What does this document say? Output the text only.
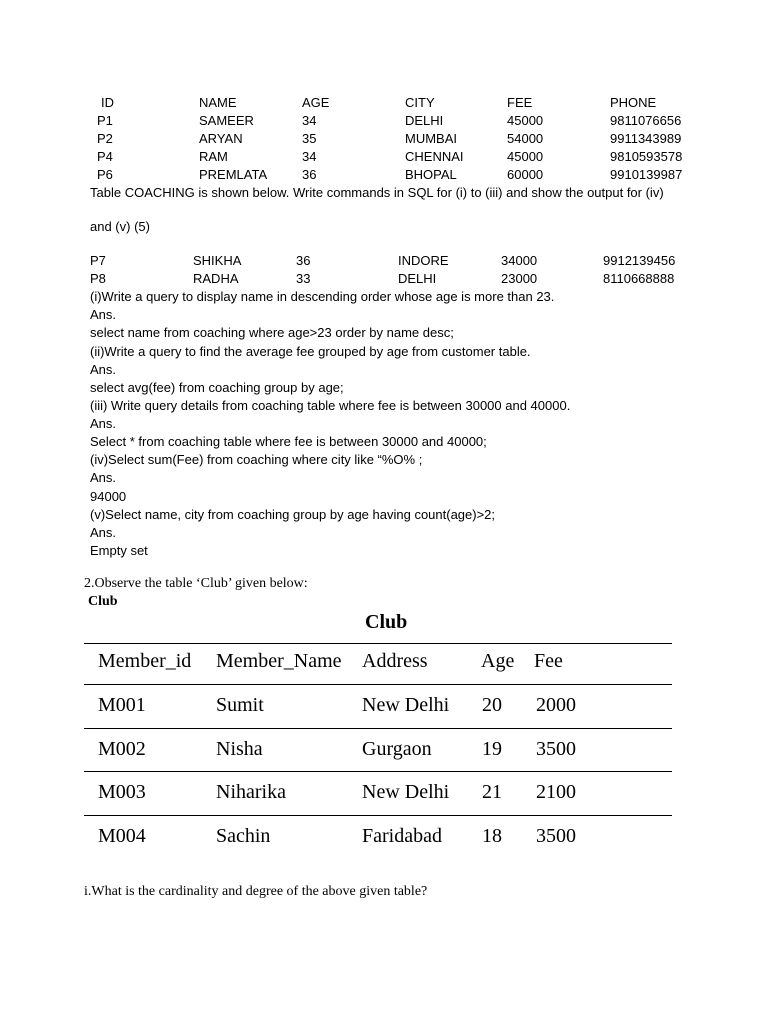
ID	NAME	AGE	CITY	FEE	PHONE
P1	SAMEER	34	DELHI	45000	9811076656
P2	ARYAN	35	MUMBAI	54000	9911343989
P4	RAM	34	CHENNAI	45000	9810593578
P6	PREMLATA	36	BHOPAL	60000	9910139987
Table COACHING is shown below. Write commands in SQL for (i) to (iii) and show the output for (iv)
and (v) (5)
P7	SHIKHA	36	INDORE	34000	9912139456
P8	RADHA	33	DELHI	23000	8110668888
(i)Write a query to display name in descending order whose age is more than 23.
Ans.
select name from coaching where age>23 order by name desc;
(ii)Write a query to find the average fee grouped by age from customer table.
Ans.
select avg(fee) from coaching group by age;
(iii) Write query details from coaching table where fee is between 30000 and 40000.
Ans.
Select * from coaching table where fee is between 30000 and 40000;
(iv)Select sum(Fee) from coaching where city like “%O% ;
Ans.
94000
(v)Select name, city from coaching group by age having count(age)>2;
Ans.
Empty set
2.Observe the table ‘Club’ given below:
Club
Club
Member_id Member_Name Address	Age Fee
M001	Sumit	New Delhi 20 2000
M002	Nisha	Gurgaon	19 3500
M003	Niharika	New Delhi 21 2100
M004	Sachin	Faridabad 18 3500
i.What is the cardinality and degree of the above given table?
